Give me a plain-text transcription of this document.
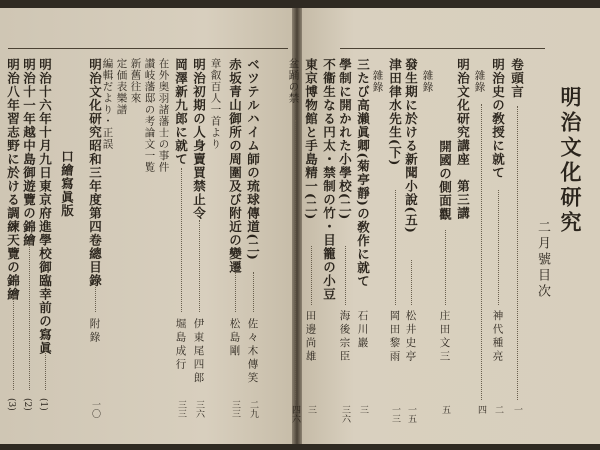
明治文化研究
二月號目次
口繪寫眞版
卷頭言
一
明治史の敎授に就て
神代種亮
二
雜錄
四
明治文化研究講座　第三講
開國の側面觀
庄田文三
五
雜錄
發生期に於ける新聞小說(五)
松井史亭
一五
津田律水先生(下)
岡田黎雨
一三
雜錄
三たび高瀨眞卿(菊亭靜)の敎作に就て
石川巖
三
學制に開かれた小學校(二)
海後宗臣
三六
不衞生なる円太・禁制の竹・目籠の小豆
東京博物館と手島精一(二)
田邊尚雄
三
盆踊の禁
四六
ベツテルハイム師の琉球傳道(二)
佐々木傳笑
二九
赤坂青山御所の周圍及び附近の變遷
松島剛
三三
章叡百人一首より
明治初期の人身賣買禁止令
伊東尾四郎
三六
岡澤新九郎に就て
堀島成行
三三
在外奥羽諸藩士の事件
讃岐藩邸の考論文一覧
新舊往來
定価表樂譜
編輯だより・正誤
明治文化研究昭和三年度第四卷總目錄
附錄
一〇
明治十六年十月九日東京府進學校御臨幸前の寫眞
(1)
明治十一年越中島御遊覽の錦繪
(2)
明治八年習志野に於ける調練天覽の錦繪
(3)
